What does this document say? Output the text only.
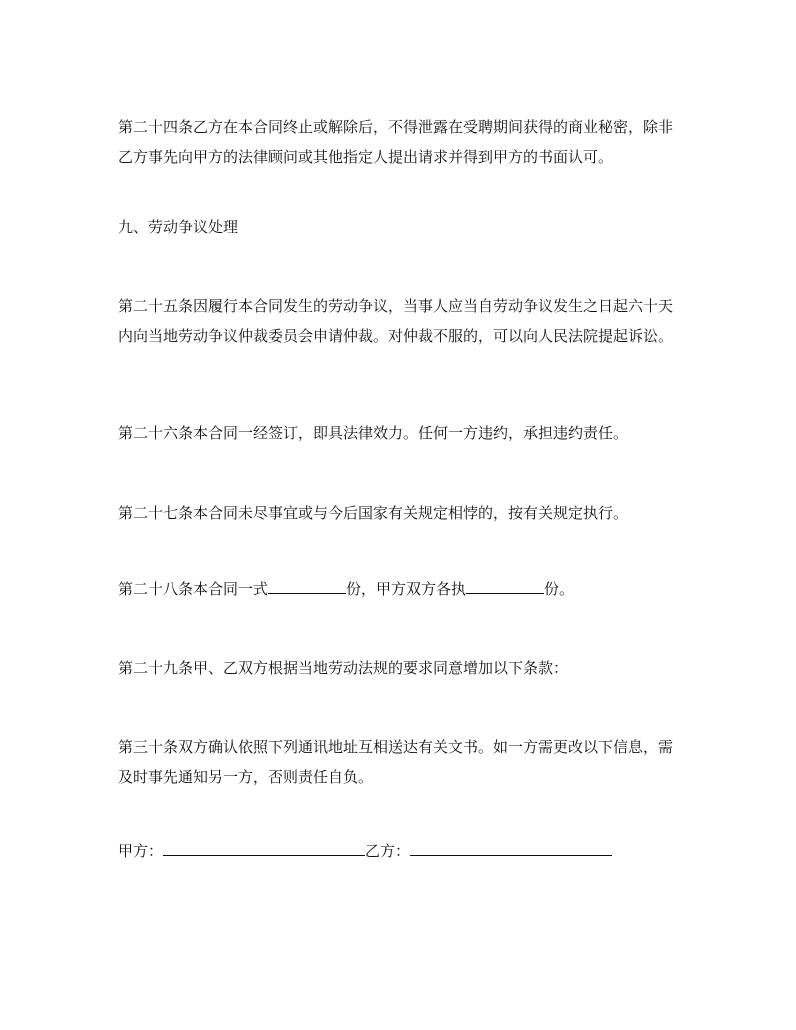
第二十四条乙方在本合同终止或解除后，不得泄露在受聘期间获得的商业秘密，除非乙方事先向甲方的法律顾问或其他指定人提出请求并得到甲方的书面认可。

九、劳动争议处理

第二十五条因履行本合同发生的劳动争议，当事人应当自劳动争议发生之日起六十天内向当地劳动争议仲裁委员会申请仲裁。对仲裁不服的，可以向人民法院提起诉讼。

第二十六条本合同一经签订，即具法律效力。任何一方违约，承担违约责任。

第二十七条本合同未尽事宜或与今后国家有关规定相悖的，按有关规定执行。

第二十八条本合同一式	份，甲方双方各执	份。

第二十九条甲、乙双方根据当地劳动法规的要求同意增加以下条款：

第三十条双方确认依照下列通讯地址互相送达有关文书。如一方需更改以下信息，需及时事先通知另一方，否则责任自负。

甲方：	乙方：
